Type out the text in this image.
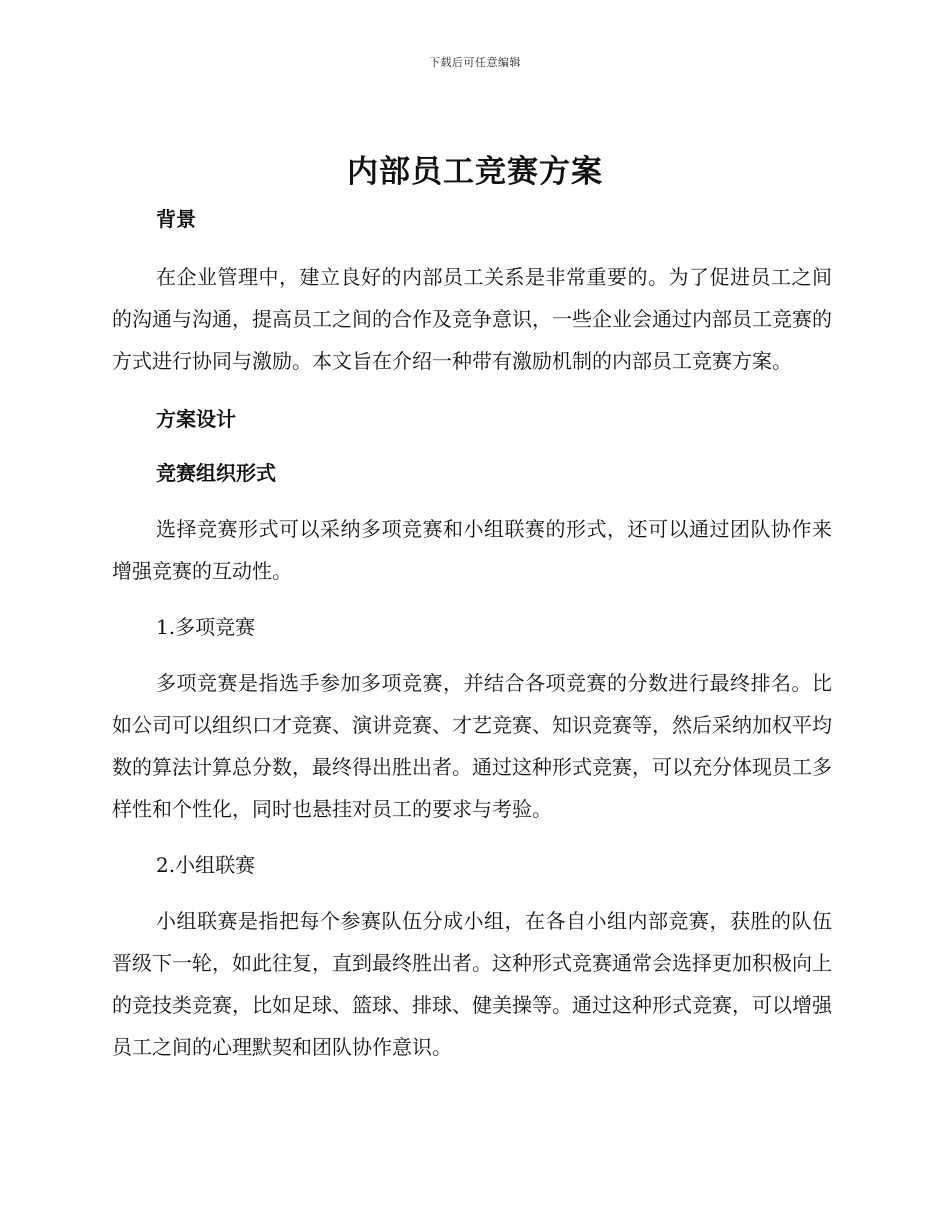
下载后可任意编辑
内部员工竞赛方案
背景

在企业管理中，建立良好的内部员工关系是非常重要的。为了促进员工之间的沟通与沟通，提高员工之间的合作及竞争意识，一些企业会通过内部员工竞赛的方式进行协同与激励。本文旨在介绍一种带有激励机制的内部员工竞赛方案。

方案设计
竞赛组织形式

选择竞赛形式可以采纳多项竞赛和小组联赛的形式，还可以通过团队协作来增强竞赛的互动性。

1.多项竞赛

多项竞赛是指选手参加多项竞赛，并结合各项竞赛的分数进行最终排名。比如公司可以组织口才竞赛、演讲竞赛、才艺竞赛、知识竞赛等，然后采纳加权平均数的算法计算总分数，最终得出胜出者。通过这种形式竞赛，可以充分体现员工多样性和个性化，同时也悬挂对员工的要求与考验。

2.小组联赛

小组联赛是指把每个参赛队伍分成小组，在各自小组内部竞赛，获胜的队伍晋级下一轮，如此往复，直到最终胜出者。这种形式竞赛通常会选择更加积极向上的竞技类竞赛，比如足球、篮球、排球、健美操等。通过这种形式竞赛，可以增强员工之间的心理默契和团队协作意识。
